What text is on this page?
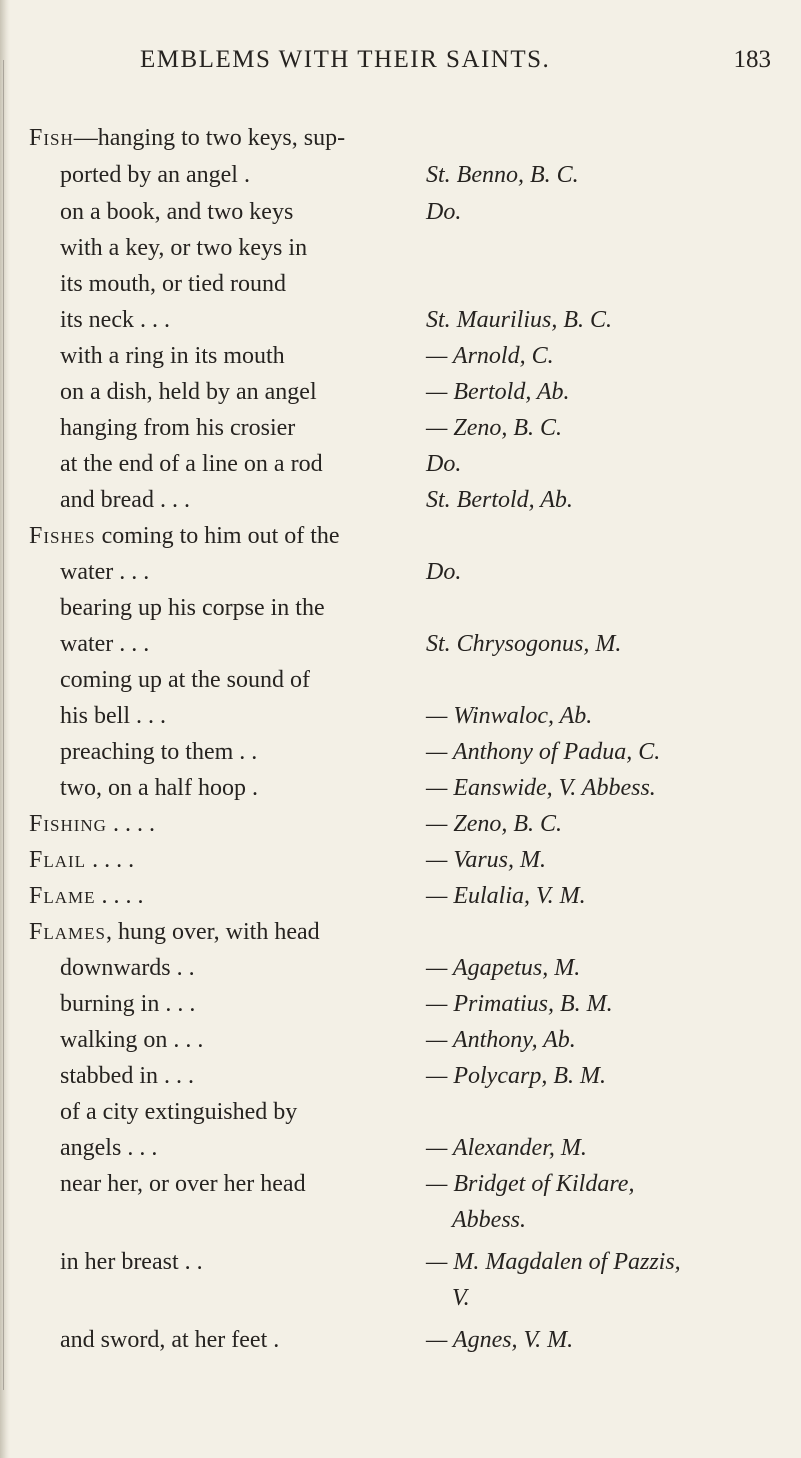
EMBLEMS WITH THEIR SAINTS.	183
Fish—hanging to two keys, sup-
ported by an angel .	St. Benno, B. C.
on a book, and two keys	Do.
with a key, or two keys in
its mouth, or tied round
its neck . . .	St. Maurilius, B. C.
with a ring in its mouth	— Arnold, C.
on a dish, held by an angel	— Bertold, Ab.
hanging from his crosier	— Zeno, B. C.
at the end of a line on a rod	Do.
and bread . . .	St. Bertold, Ab.
Fishes coming to him out of the
water . . .	Do.
bearing up his corpse in the
water . . .	St. Chrysogonus, M.
coming up at the sound of
his bell . . .	— Winwaloc, Ab.
preaching to them . .	— Anthony of Padua, C.
two, on a half hoop .	— Eanswide, V. Abbess.
Fishing . . . .	— Zeno, B. C.
Flail . . . .	— Varus, M.
Flame . . . .	— Eulalia, V. M.
Flames, hung over, with head
downwards . .	— Agapetus, M.
burning in . . .	— Primatius, B. M.
walking on . . .	— Anthony, Ab.
stabbed in . . .	— Polycarp, B. M.
of a city extinguished by
angels . . .	— Alexander, M.
near her, or over her head	— Bridget of Kildare,
Abbess.
in her breast . .	— M. Magdalen of Pazzis,
V.
and sword, at her feet .	— Agnes, V. M.
